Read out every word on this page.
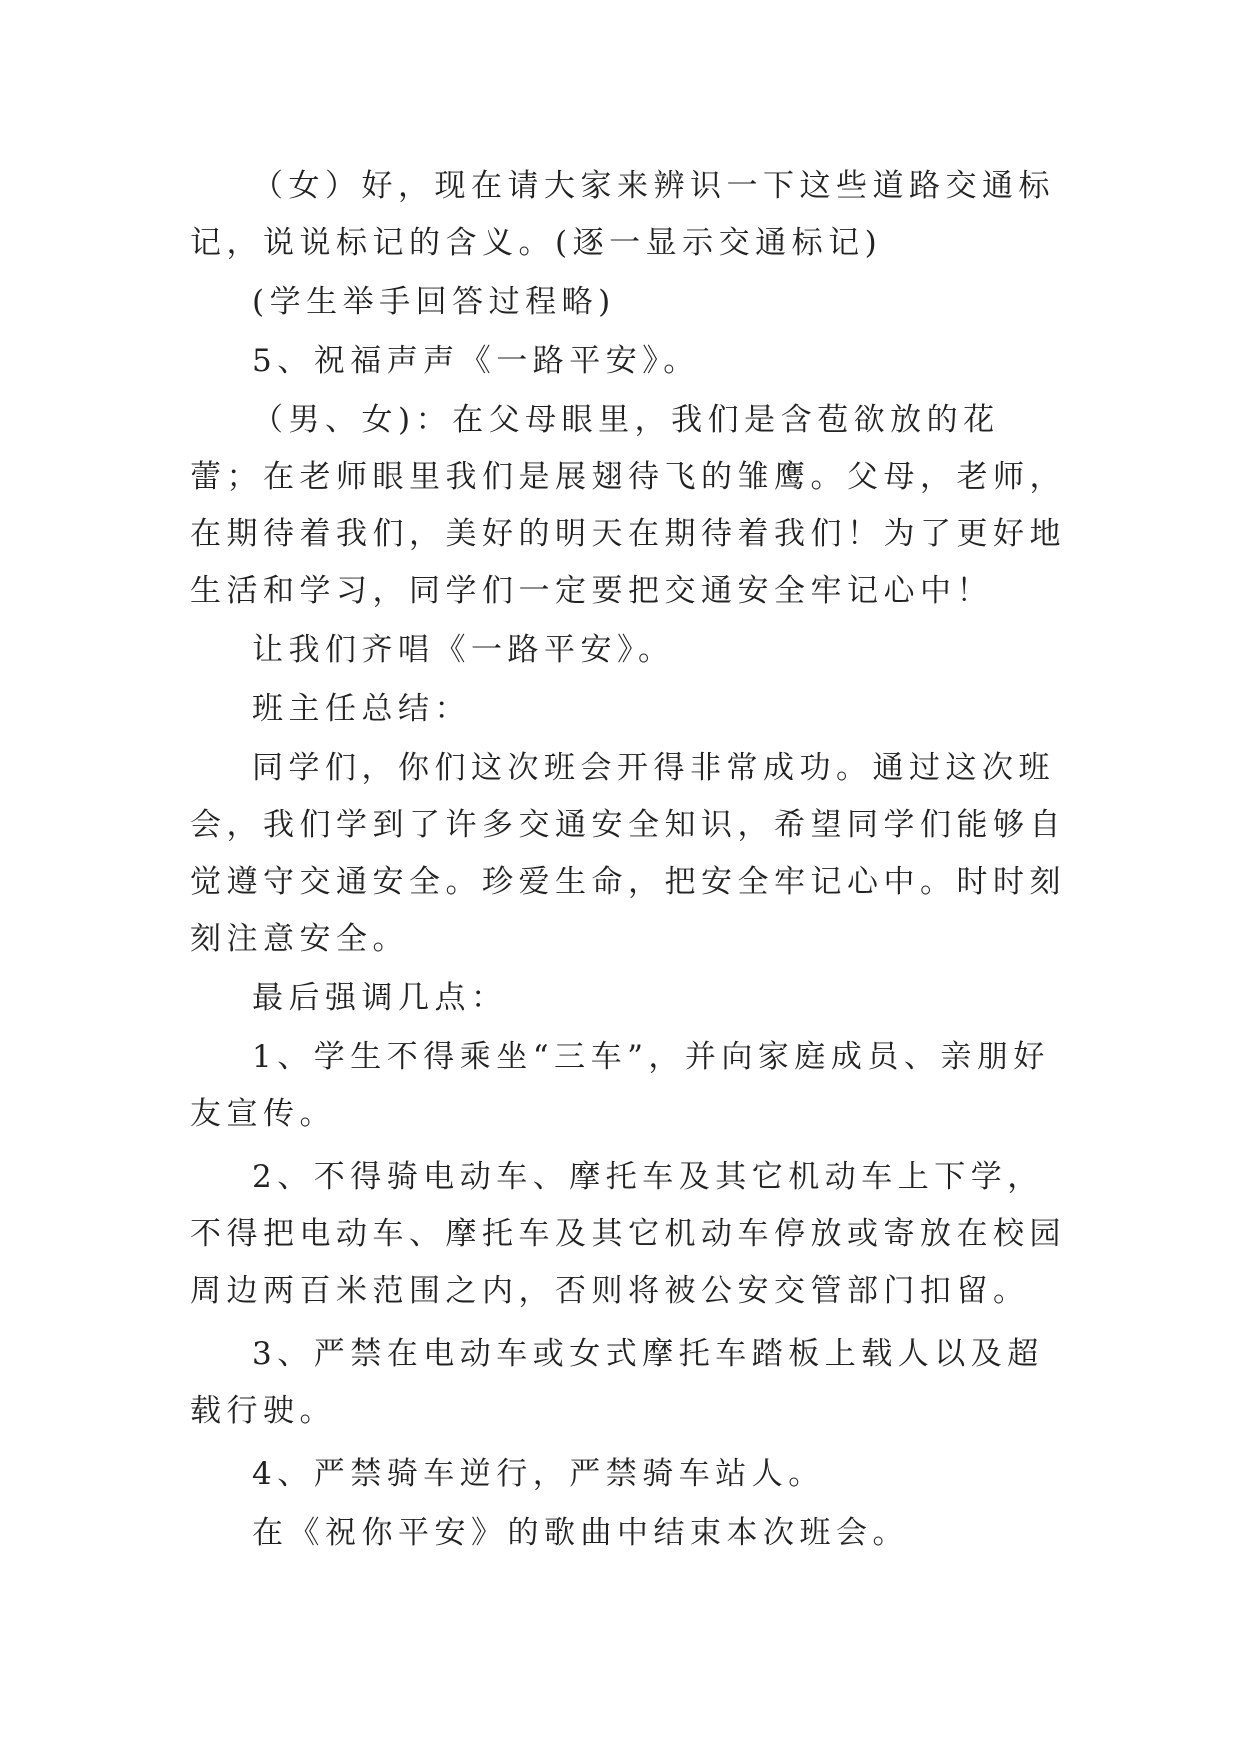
（女）好，现在请大家来辨识一下这些道路交通标记，说说标记的含义。(逐一显示交通标记)

(学生举手回答过程略)

5、祝福声声《一路平安》。

（男、女)：在父母眼里，我们是含苞欲放的花蕾；在老师眼里我们是展翅待飞的雏鹰。父母，老师，在期待着我们，美好的明天在期待着我们！为了更好地生活和学习，同学们一定要把交通安全牢记心中！

让我们齐唱《一路平安》。

班主任总结：

同学们，你们这次班会开得非常成功。通过这次班会，我们学到了许多交通安全知识，希望同学们能够自觉遵守交通安全。珍爱生命，把安全牢记心中。时时刻刻注意安全。

最后强调几点：

1、学生不得乘坐“三车”，并向家庭成员、亲朋好友宣传。

2、不得骑电动车、摩托车及其它机动车上下学，不得把电动车、摩托车及其它机动车停放或寄放在校园周边两百米范围之内，否则将被公安交管部门扣留。

3、严禁在电动车或女式摩托车踏板上载人以及超载行驶。

4、严禁骑车逆行，严禁骑车站人。

在《祝你平安》的歌曲中结束本次班会。
